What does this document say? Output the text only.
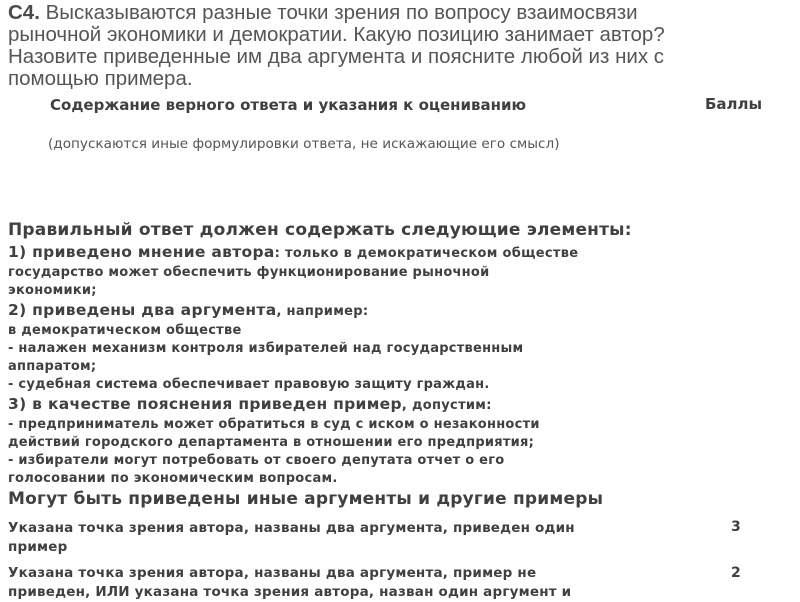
С4. Высказываются разные точки зрения по вопросу взаимосвязи
рыночной экономики и демократии. Какую позицию занимает автор?
Назовите приведенные им два аргумента и поясните любой из них с
помощью примера.
Содержание верного ответа и указания к оцениванию	Баллы
(допускаются иные формулировки ответа, не искажающие его смысл)
Правильный ответ должен содержать следующие элементы:
1) приведено мнение автора: только в демократическом обществе
государство может обеспечить функционирование рыночной
экономики;
2) приведены два аргумента, например:
в демократическом обществе
- налажен механизм контроля избирателей над государственным
аппаратом;
- судебная система обеспечивает правовую защиту граждан.
3) в качестве пояснения приведен пример, допустим:
- предприниматель может обратиться в суд с иском о незаконности
действий городского департамента в отношении его предприятия;
- избиратели могут потребовать от своего депутата отчет о его
голосовании по экономическим вопросам.
Могут быть приведены иные аргументы и другие примеры
Указана точка зрения автора, названы два аргумента, приведен один
пример
3
Указана точка зрения автора, названы два аргумента, пример не
приведен, ИЛИ указана точка зрения автора, назван один аргумент и
2
